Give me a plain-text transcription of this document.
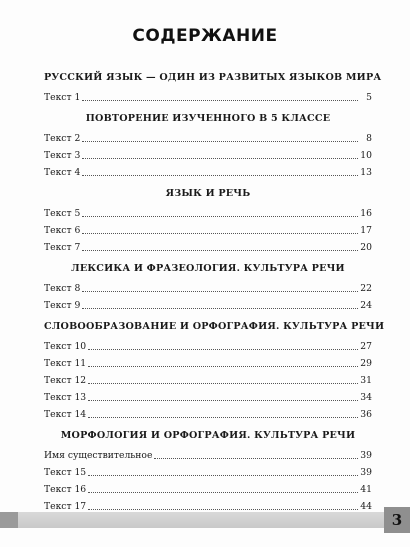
СОДЕРЖАНИЕ
РУССКИЙ ЯЗЫК — ОДИН ИЗ РАЗВИТЫХ ЯЗЫКОВ МИРА
Текст 1	5
ПОВТОРЕНИЕ ИЗУЧЕННОГО В 5 КЛАССЕ
Текст 2	8
Текст 3	10
Текст 4	13
ЯЗЫК И РЕЧЬ
Текст 5	16
Текст 6	17
Текст 7	20
ЛЕКСИКА И ФРАЗЕОЛОГИЯ. КУЛЬТУРА РЕЧИ
Текст 8	22
Текст 9	24
СЛОВООБРАЗОВАНИЕ И ОРФОГРАФИЯ. КУЛЬТУРА РЕЧИ
Текст 10	27
Текст 11	29
Текст 12	31
Текст 13	34
Текст 14	36
МОРФОЛОГИЯ И ОРФОГРАФИЯ. КУЛЬТУРА РЕЧИ
Имя существительное	39
Текст 15	39
Текст 16	41
Текст 17	44
3
